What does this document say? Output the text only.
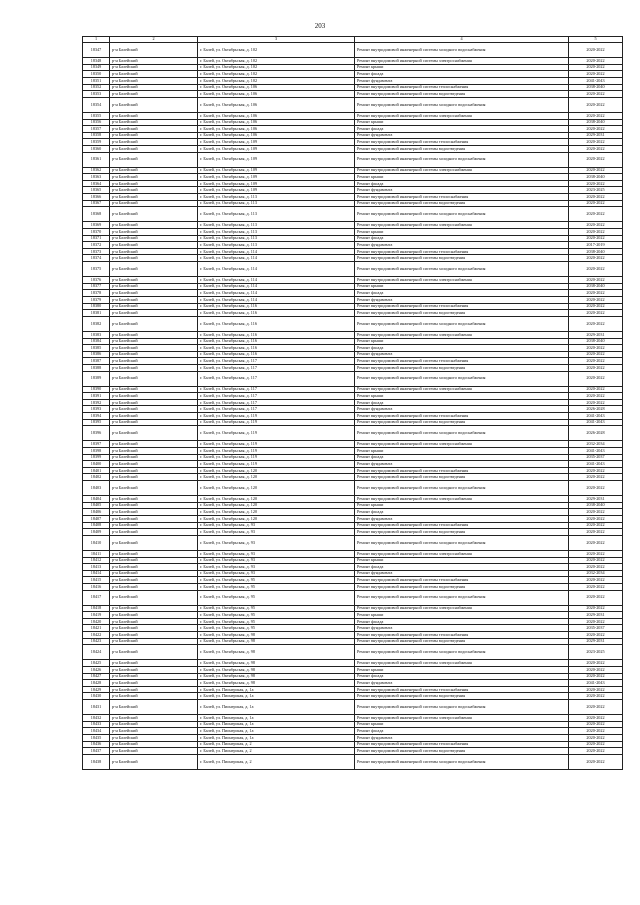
203
1	2	3	4	5
18347	р-н Балейский	г. Балей, ул. Октябрьская, д. 102	Ремонт внутридомовой инженерной системы холодного водоснабжения	2020-2022
18348	р-н Балейский	г. Балей, ул. Октябрьская, д. 102	Ремонт внутридомовой инженерной системы электроснабжения	2020-2022
18349	р-н Балейский	г. Балей, ул. Октябрьская, д. 102	Ремонт крыши	2020-2022
18350	р-н Балейский	г. Балей, ул. Октябрьская, д. 102	Ремонт фасада	2020-2022
18351	р-н Балейский	г. Балей, ул. Октябрьская, д. 102	Ремонт фундамента	2041-2043
18352	р-н Балейский	г. Балей, ул. Октябрьская, д. 106	Ремонт внутридомовой инженерной системы теплоснабжения	2038-2040
18353	р-н Балейский	г. Балей, ул. Октябрьская, д. 106	Ремонт внутридомовой инженерной системы водоотведения	2020-2022
18354	р-н Балейский	г. Балей, ул. Октябрьская, д. 106	Ремонт внутридомовой инженерной системы холодного водоснабжения	2020-2022
18355	р-н Балейский	г. Балей, ул. Октябрьская, д. 106	Ремонт внутридомовой инженерной системы электроснабжения	2020-2022
18356	р-н Балейский	г. Балей, ул. Октябрьская, д. 106	Ремонт крыши	2038-2040
18357	р-н Балейский	г. Балей, ул. Октябрьская, д. 106	Ремонт фасада	2020-2022
18358	р-н Балейский	г. Балей, ул. Октябрьская, д. 106	Ремонт фундамента	2029-2031
18359	р-н Балейский	г. Балей, ул. Октябрьская, д. 109	Ремонт внутридомовой инженерной системы теплоснабжения	2020-2022
18360	р-н Балейский	г. Балей, ул. Октябрьская, д. 109	Ремонт внутридомовой инженерной системы водоотведения	2020-2022
18361	р-н Балейский	г. Балей, ул. Октябрьская, д. 109	Ремонт внутридомовой инженерной системы холодного водоснабжения	2020-2022
18362	р-н Балейский	г. Балей, ул. Октябрьская, д. 109	Ремонт внутридомовой инженерной системы электроснабжения	2020-2022
18363	р-н Балейский	г. Балей, ул. Октябрьская, д. 109	Ремонт крыши	2038-2040
18364	р-н Балейский	г. Балей, ул. Октябрьская, д. 109	Ремонт фасада	2020-2022
18365	р-н Балейский	г. Балей, ул. Октябрьская, д. 109	Ремонт фундамента	2023-2025
18366	р-н Балейский	г. Балей, ул. Октябрьская, д. 113	Ремонт внутридомовой инженерной системы теплоснабжения	2020-2022
18367	р-н Балейский	г. Балей, ул. Октябрьская, д. 113	Ремонт внутридомовой инженерной системы водоотведения	2020-2022
18368	р-н Балейский	г. Балей, ул. Октябрьская, д. 113	Ремонт внутридомовой инженерной системы холодного водоснабжения	2020-2022
18369	р-н Балейский	г. Балей, ул. Октябрьская, д. 113	Ремонт внутридомовой инженерной системы электроснабжения	2020-2022
18370	р-н Балейский	г. Балей, ул. Октябрьская, д. 113	Ремонт крыши	2020-2022
18371	р-н Балейский	г. Балей, ул. Октябрьская, д. 113	Ремонт фасада	2020-2022
18372	р-н Балейский	г. Балей, ул. Октябрьская, д. 113	Ремонт фундамента	2017-2019
18373	р-н Балейский	г. Балей, ул. Октябрьская, д. 114	Ремонт внутридомовой инженерной системы теплоснабжения	2038-2040
18374	р-н Балейский	г. Балей, ул. Октябрьская, д. 114	Ремонт внутридомовой инженерной системы водоотведения	2020-2022
18375	р-н Балейский	г. Балей, ул. Октябрьская, д. 114	Ремонт внутридомовой инженерной системы холодного водоснабжения	2020-2022
18376	р-н Балейский	г. Балей, ул. Октябрьская, д. 114	Ремонт внутридомовой инженерной системы электроснабжения	2020-2022
18377	р-н Балейский	г. Балей, ул. Октябрьская, д. 114	Ремонт крыши	2038-2040
18378	р-н Балейский	г. Балей, ул. Октябрьская, д. 114	Ремонт фасада	2020-2022
18379	р-н Балейский	г. Балей, ул. Октябрьская, д. 114	Ремонт фундамента	2020-2022
18380	р-н Балейский	г. Балей, ул. Октябрьская, д. 116	Ремонт внутридомовой инженерной системы теплоснабжения	2020-2022
18381	р-н Балейский	г. Балей, ул. Октябрьская, д. 116	Ремонт внутридомовой инженерной системы водоотведения	2020-2022
18382	р-н Балейский	г. Балей, ул. Октябрьская, д. 116	Ремонт внутридомовой инженерной системы холодного водоснабжения	2020-2022
18383	р-н Балейский	г. Балей, ул. Октябрьская, д. 116	Ремонт внутридомовой инженерной системы электроснабжения	2029-2031
18384	р-н Балейский	г. Балей, ул. Октябрьская, д. 116	Ремонт крыши	2038-2040
18385	р-н Балейский	г. Балей, ул. Октябрьская, д. 116	Ремонт фасада	2020-2022
18386	р-н Балейский	г. Балей, ул. Октябрьская, д. 116	Ремонт фундамента	2020-2022
18387	р-н Балейский	г. Балей, ул. Октябрьская, д. 117	Ремонт внутридомовой инженерной системы теплоснабжения	2020-2022
18388	р-н Балейский	г. Балей, ул. Октябрьская, д. 117	Ремонт внутридомовой инженерной системы водоотведения	2020-2022
18389	р-н Балейский	г. Балей, ул. Октябрьская, д. 117	Ремонт внутридомовой инженерной системы холодного водоснабжения	2020-2022
18390	р-н Балейский	г. Балей, ул. Октябрьская, д. 117	Ремонт внутридомовой инженерной системы электроснабжения	2020-2022
18391	р-н Балейский	г. Балей, ул. Октябрьская, д. 117	Ремонт крыши	2020-2022
18392	р-н Балейский	г. Балей, ул. Октябрьская, д. 117	Ремонт фасада	2020-2022
18393	р-н Балейский	г. Балей, ул. Октябрьская, д. 117	Ремонт фундамента	2026-2028
18394	р-н Балейский	г. Балей, ул. Октябрьская, д. 119	Ремонт внутридомовой инженерной системы теплоснабжения	2041-2043
18395	р-н Балейский	г. Балей, ул. Октябрьская, д. 119	Ремонт внутридомовой инженерной системы водоотведения	2041-2043
18396	р-н Балейский	г. Балей, ул. Октябрьская, д. 119	Ремонт внутридомовой инженерной системы холодного водоснабжения	2026-2028
18397	р-н Балейский	г. Балей, ул. Октябрьская, д. 119	Ремонт внутридомовой инженерной системы электроснабжения	2032-2034
18398	р-н Балейский	г. Балей, ул. Октябрьская, д. 119	Ремонт крыши	2041-2043
18399	р-н Балейский	г. Балей, ул. Октябрьская, д. 119	Ремонт фасада	2035-2037
18400	р-н Балейский	г. Балей, ул. Октябрьская, д. 119	Ремонт фундамента	2041-2043
18401	р-н Балейский	г. Балей, ул. Октябрьская, д. 120	Ремонт внутридомовой инженерной системы теплоснабжения	2020-2022
18402	р-н Балейский	г. Балей, ул. Октябрьская, д. 120	Ремонт внутридомовой инженерной системы водоотведения	2020-2022
18403	р-н Балейский	г. Балей, ул. Октябрьская, д. 120	Ремонт внутридомовой инженерной системы холодного водоснабжения	2020-2022
18404	р-н Балейский	г. Балей, ул. Октябрьская, д. 120	Ремонт внутридомовой инженерной системы электроснабжения	2029-2031
18405	р-н Балейский	г. Балей, ул. Октябрьская, д. 120	Ремонт крыши	2038-2040
18406	р-н Балейский	г. Балей, ул. Октябрьская, д. 120	Ремонт фасада	2020-2022
18407	р-н Балейский	г. Балей, ул. Октябрьская, д. 120	Ремонт фундамента	2020-2022
18408	р-н Балейский	г. Балей, ул. Октябрьская, д. 93	Ремонт внутридомовой инженерной системы теплоснабжения	2020-2022
18409	р-н Балейский	г. Балей, ул. Октябрьская, д. 93	Ремонт внутридомовой инженерной системы водоотведения	2020-2022
18410	р-н Балейский	г. Балей, ул. Октябрьская, д. 93	Ремонт внутридомовой инженерной системы холодного водоснабжения	2020-2022
18411	р-н Балейский	г. Балей, ул. Октябрьская, д. 93	Ремонт внутридомовой инженерной системы электроснабжения	2020-2022
18412	р-н Балейский	г. Балей, ул. Октябрьская, д. 93	Ремонт крыши	2020-2022
18413	р-н Балейский	г. Балей, ул. Октябрьская, д. 93	Ремонт фасада	2020-2022
18414	р-н Балейский	г. Балей, ул. Октябрьская, д. 93	Ремонт фундамента	2032-2034
18415	р-н Балейский	г. Балей, ул. Октябрьская, д. 95	Ремонт внутридомовой инженерной системы теплоснабжения	2020-2022
18416	р-н Балейский	г. Балей, ул. Октябрьская, д. 95	Ремонт внутридомовой инженерной системы водоотведения	2020-2022
18417	р-н Балейский	г. Балей, ул. Октябрьская, д. 95	Ремонт внутридомовой инженерной системы холодного водоснабжения	2020-2022
18418	р-н Балейский	г. Балей, ул. Октябрьская, д. 95	Ремонт внутридомовой инженерной системы электроснабжения	2020-2022
18419	р-н Балейский	г. Балей, ул. Октябрьская, д. 95	Ремонт крыши	2029-2031
18420	р-н Балейский	г. Балей, ул. Октябрьская, д. 95	Ремонт фасада	2020-2022
18421	р-н Балейский	г. Балей, ул. Октябрьская, д. 95	Ремонт фундамента	2035-2037
18422	р-н Балейский	г. Балей, ул. Октябрьская, д. 98	Ремонт внутридомовой инженерной системы теплоснабжения	2020-2022
18423	р-н Балейский	г. Балей, ул. Октябрьская, д. 98	Ремонт внутридомовой инженерной системы водоотведения	2029-2031
18424	р-н Балейский	г. Балей, ул. Октябрьская, д. 98	Ремонт внутридомовой инженерной системы холодного водоснабжения	2023-2025
18425	р-н Балейский	г. Балей, ул. Октябрьская, д. 98	Ремонт внутридомовой инженерной системы электроснабжения	2020-2022
18426	р-н Балейский	г. Балей, ул. Октябрьская, д. 98	Ремонт крыши	2020-2022
18427	р-н Балейский	г. Балей, ул. Октябрьская, д. 98	Ремонт фасада	2020-2022
18428	р-н Балейский	г. Балей, ул. Октябрьская, д. 98	Ремонт фундамента	2041-2043
18429	р-н Балейский	г. Балей, ул. Пионерская, д. 1а	Ремонт внутридомовой инженерной системы теплоснабжения	2020-2022
18430	р-н Балейский	г. Балей, ул. Пионерская, д. 1а	Ремонт внутридомовой инженерной системы водоотведения	2020-2022
18431	р-н Балейский	г. Балей, ул. Пионерская, д. 1а	Ремонт внутридомовой инженерной системы холодного водоснабжения	2020-2022
18432	р-н Балейский	г. Балей, ул. Пионерская, д. 1а	Ремонт внутридомовой инженерной системы электроснабжения	2020-2022
18433	р-н Балейский	г. Балей, ул. Пионерская, д. 1а	Ремонт крыши	2020-2022
18434	р-н Балейский	г. Балей, ул. Пионерская, д. 1а	Ремонт фасада	2020-2022
18435	р-н Балейский	г. Балей, ул. Пионерская, д. 1а	Ремонт фундамента	2020-2022
18436	р-н Балейский	г. Балей, ул. Пионерская, д. 2	Ремонт внутридомовой инженерной системы теплоснабжения	2020-2022
18437	р-н Балейский	г. Балей, ул. Пионерская, д. 2	Ремонт внутридомовой инженерной системы водоотведения	2020-2022
18438	р-н Балейский	г. Балей, ул. Пионерская, д. 2	Ремонт внутридомовой инженерной системы холодного водоснабжения	2020-2022
